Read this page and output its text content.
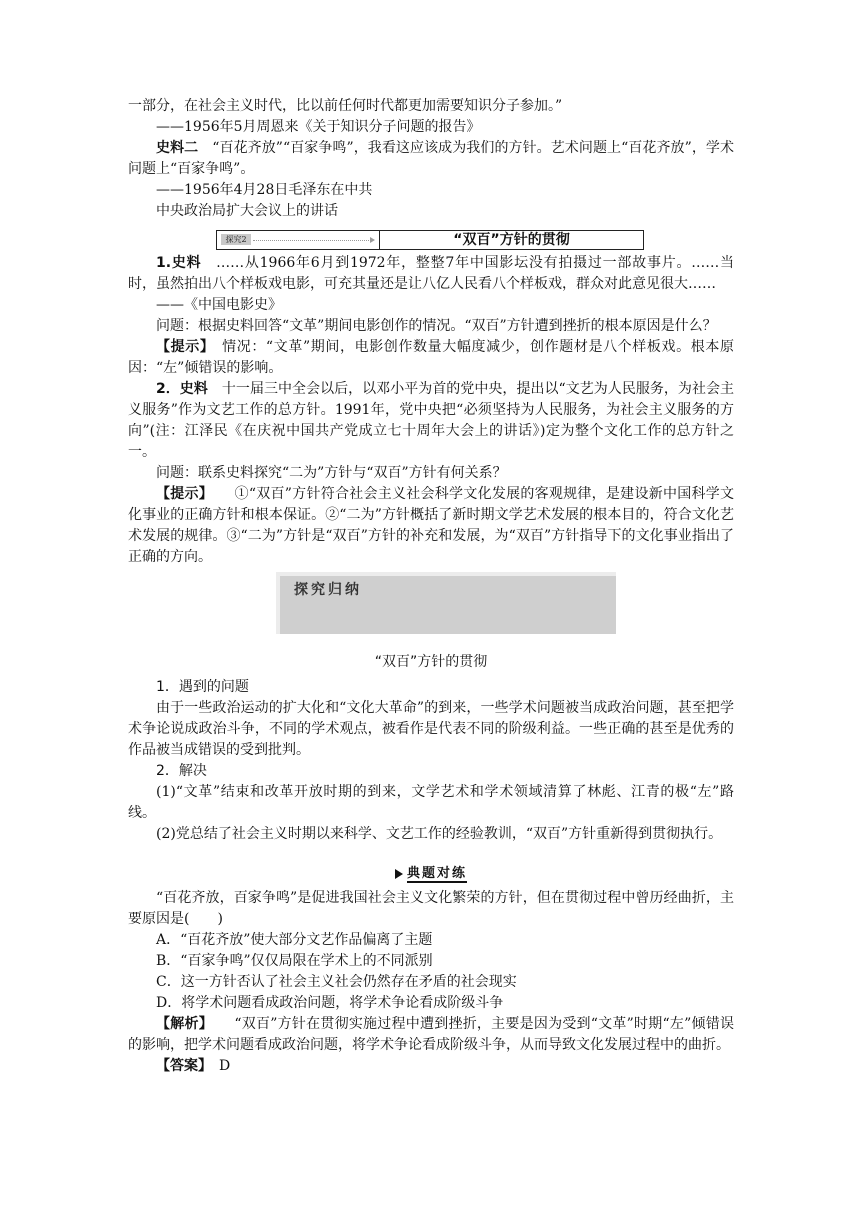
一部分，在社会主义时代，比以前任何时代都更加需要知识分子参加。”

——1956年5月周恩来《关于知识分子问题的报告》

史料二　“百花齐放”“百家争鸣”，我看这应该成为我们的方针。艺术问题上“百花齐放”，学术问题上“百家争鸣”。

——1956年4月28日毛泽东在中共

中央政治局扩大会议上的讲话

探究2	“双百”方针的贯彻

1.史料　……从1966年6月到1972年，整整7年中国影坛没有拍摄过一部故事片。……当时，虽然拍出八个样板戏电影，可充其量还是让八亿人民看八个样板戏，群众对此意见很大……

——《中国电影史》

问题：根据史料回答“文革”期间电影创作的情况。“双百”方针遭到挫折的根本原因是什么？

【提示】　情况：“文革”期间，电影创作数量大幅度减少，创作题材是八个样板戏。根本原因：“左”倾错误的影响。

2．史料　十一届三中全会以后，以邓小平为首的党中央，提出以“文艺为人民服务，为社会主义服务”作为文艺工作的总方针。1991年，党中央把“必须坚持为人民服务，为社会主义服务的方向”(注：江泽民《在庆祝中国共产党成立七十周年大会上的讲话》)定为整个文化工作的总方针之一。

问题：联系史料探究“二为”方针与“双百”方针有何关系？

【提示】　　①“双百”方针符合社会主义社会科学文化发展的客观规律，是建设新中国科学文化事业的正确方针和根本保证。②“二为”方针概括了新时期文学艺术发展的根本目的，符合文化艺术发展的规律。③“二为”方针是“双百”方针的补充和发展，为“双百”方针指导下的文化事业指出了正确的方向。

探究归纳
“双百”方针的贯彻

1．遇到的问题

由于一些政治运动的扩大化和“文化大革命”的到来，一些学术问题被当成政治问题，甚至把学术争论说成政治斗争，不同的学术观点，被看作是代表不同的阶级利益。一些正确的甚至是优秀的作品被当成错误的受到批判。

2．解决

(1)“文革”结束和改革开放时期的到来，文学艺术和学术领域清算了林彪、江青的极“左”路线。

(2)党总结了社会主义时期以来科学、文艺工作的经验教训，“双百”方针重新得到贯彻执行。

典题对练

“百花齐放，百家争鸣”是促进我国社会主义文化繁荣的方针，但在贯彻过程中曾历经曲折，主要原因是(　　)

A．“百花齐放”使大部分文艺作品偏离了主题

B．“百家争鸣”仅仅局限在学术上的不同派别

C．这一方针否认了社会主义社会仍然存在矛盾的社会现实

D．将学术问题看成政治问题，将学术争论看成阶级斗争

【解析】　　“双百”方针在贯彻实施过程中遭到挫折，主要是因为受到“文革”时期“左”倾错误的影响，把学术问题看成政治问题，将学术争论看成阶级斗争，从而导致文化发展过程中的曲折。

【答案】　D
